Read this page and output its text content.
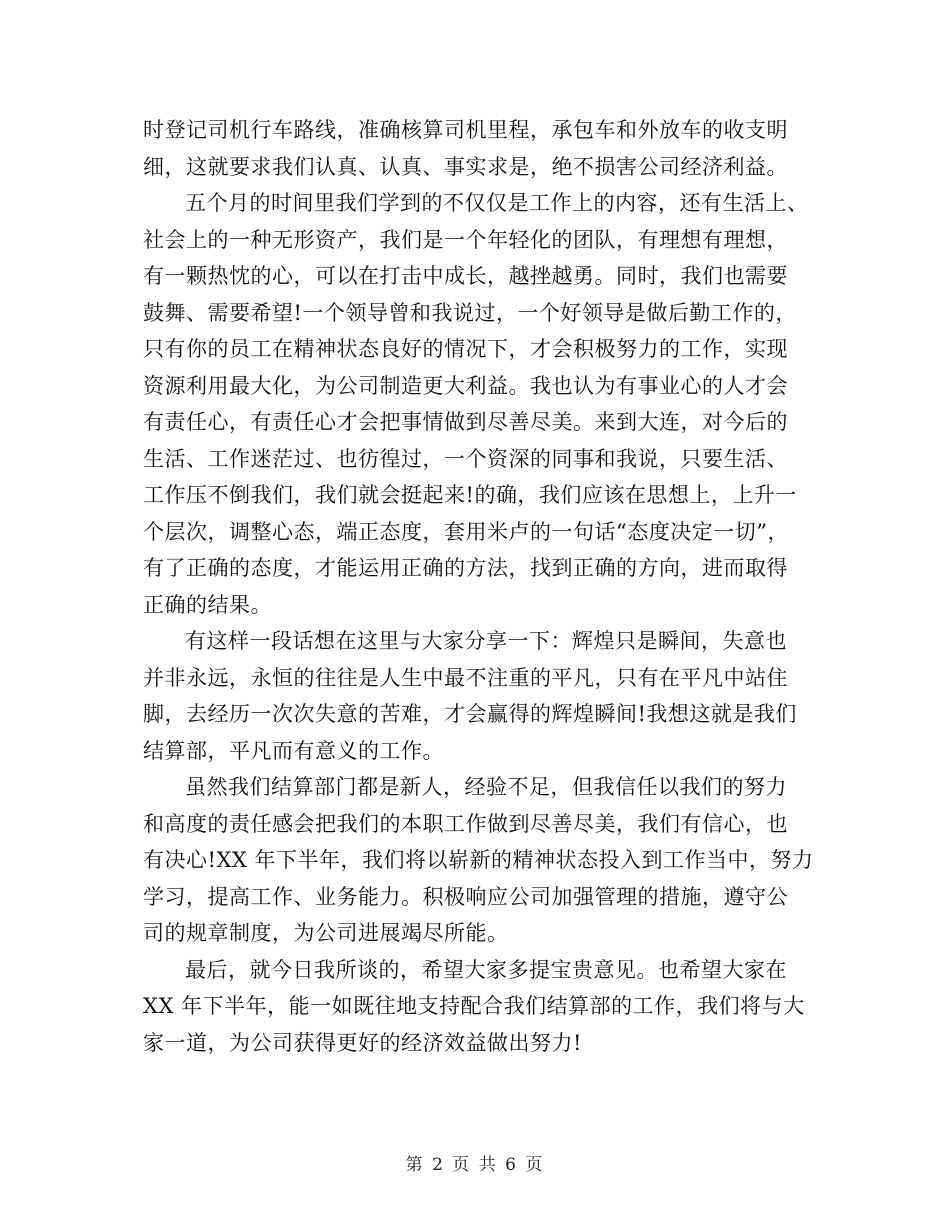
时登记司机行车路线，准确核算司机里程，承包车和外放车的收支明
细，这就要求我们认真、认真、事实求是，绝不损害公司经济利益。
五个月的时间里我们学到的不仅仅是工作上的内容，还有生活上、
社会上的一种无形资产，我们是一个年轻化的团队，有理想有理想，
有一颗热忱的心，可以在打击中成长，越挫越勇。同时，我们也需要
鼓舞、需要希望!一个领导曾和我说过，一个好领导是做后勤工作的，
只有你的员工在精神状态良好的情况下，才会积极努力的工作，实现
资源利用最大化，为公司制造更大利益。我也认为有事业心的人才会
有责任心，有责任心才会把事情做到尽善尽美。来到大连，对今后的
生活、工作迷茫过、也彷徨过，一个资深的同事和我说，只要生活、
工作压不倒我们，我们就会挺起来!的确，我们应该在思想上，上升一
个层次，调整心态，端正态度，套用米卢的一句话“态度决定一切”，
有了正确的态度，才能运用正确的方法，找到正确的方向，进而取得
正确的结果。
有这样一段话想在这里与大家分享一下：辉煌只是瞬间，失意也
并非永远，永恒的往往是人生中最不注重的平凡，只有在平凡中站住
脚，去经历一次次失意的苦难，才会赢得的辉煌瞬间!我想这就是我们
结算部，平凡而有意义的工作。
虽然我们结算部门都是新人，经验不足，但我信任以我们的努力
和高度的责任感会把我们的本职工作做到尽善尽美，我们有信心，也
有决心!XX 年下半年，我们将以崭新的精神状态投入到工作当中，努力
学习，提高工作、业务能力。积极响应公司加强管理的措施，遵守公
司的规章制度，为公司进展竭尽所能。
最后，就今日我所谈的，希望大家多提宝贵意见。也希望大家在
XX 年下半年，能一如既往地支持配合我们结算部的工作，我们将与大
家一道，为公司获得更好的经济效益做出努力!
第 2 页 共 6 页
